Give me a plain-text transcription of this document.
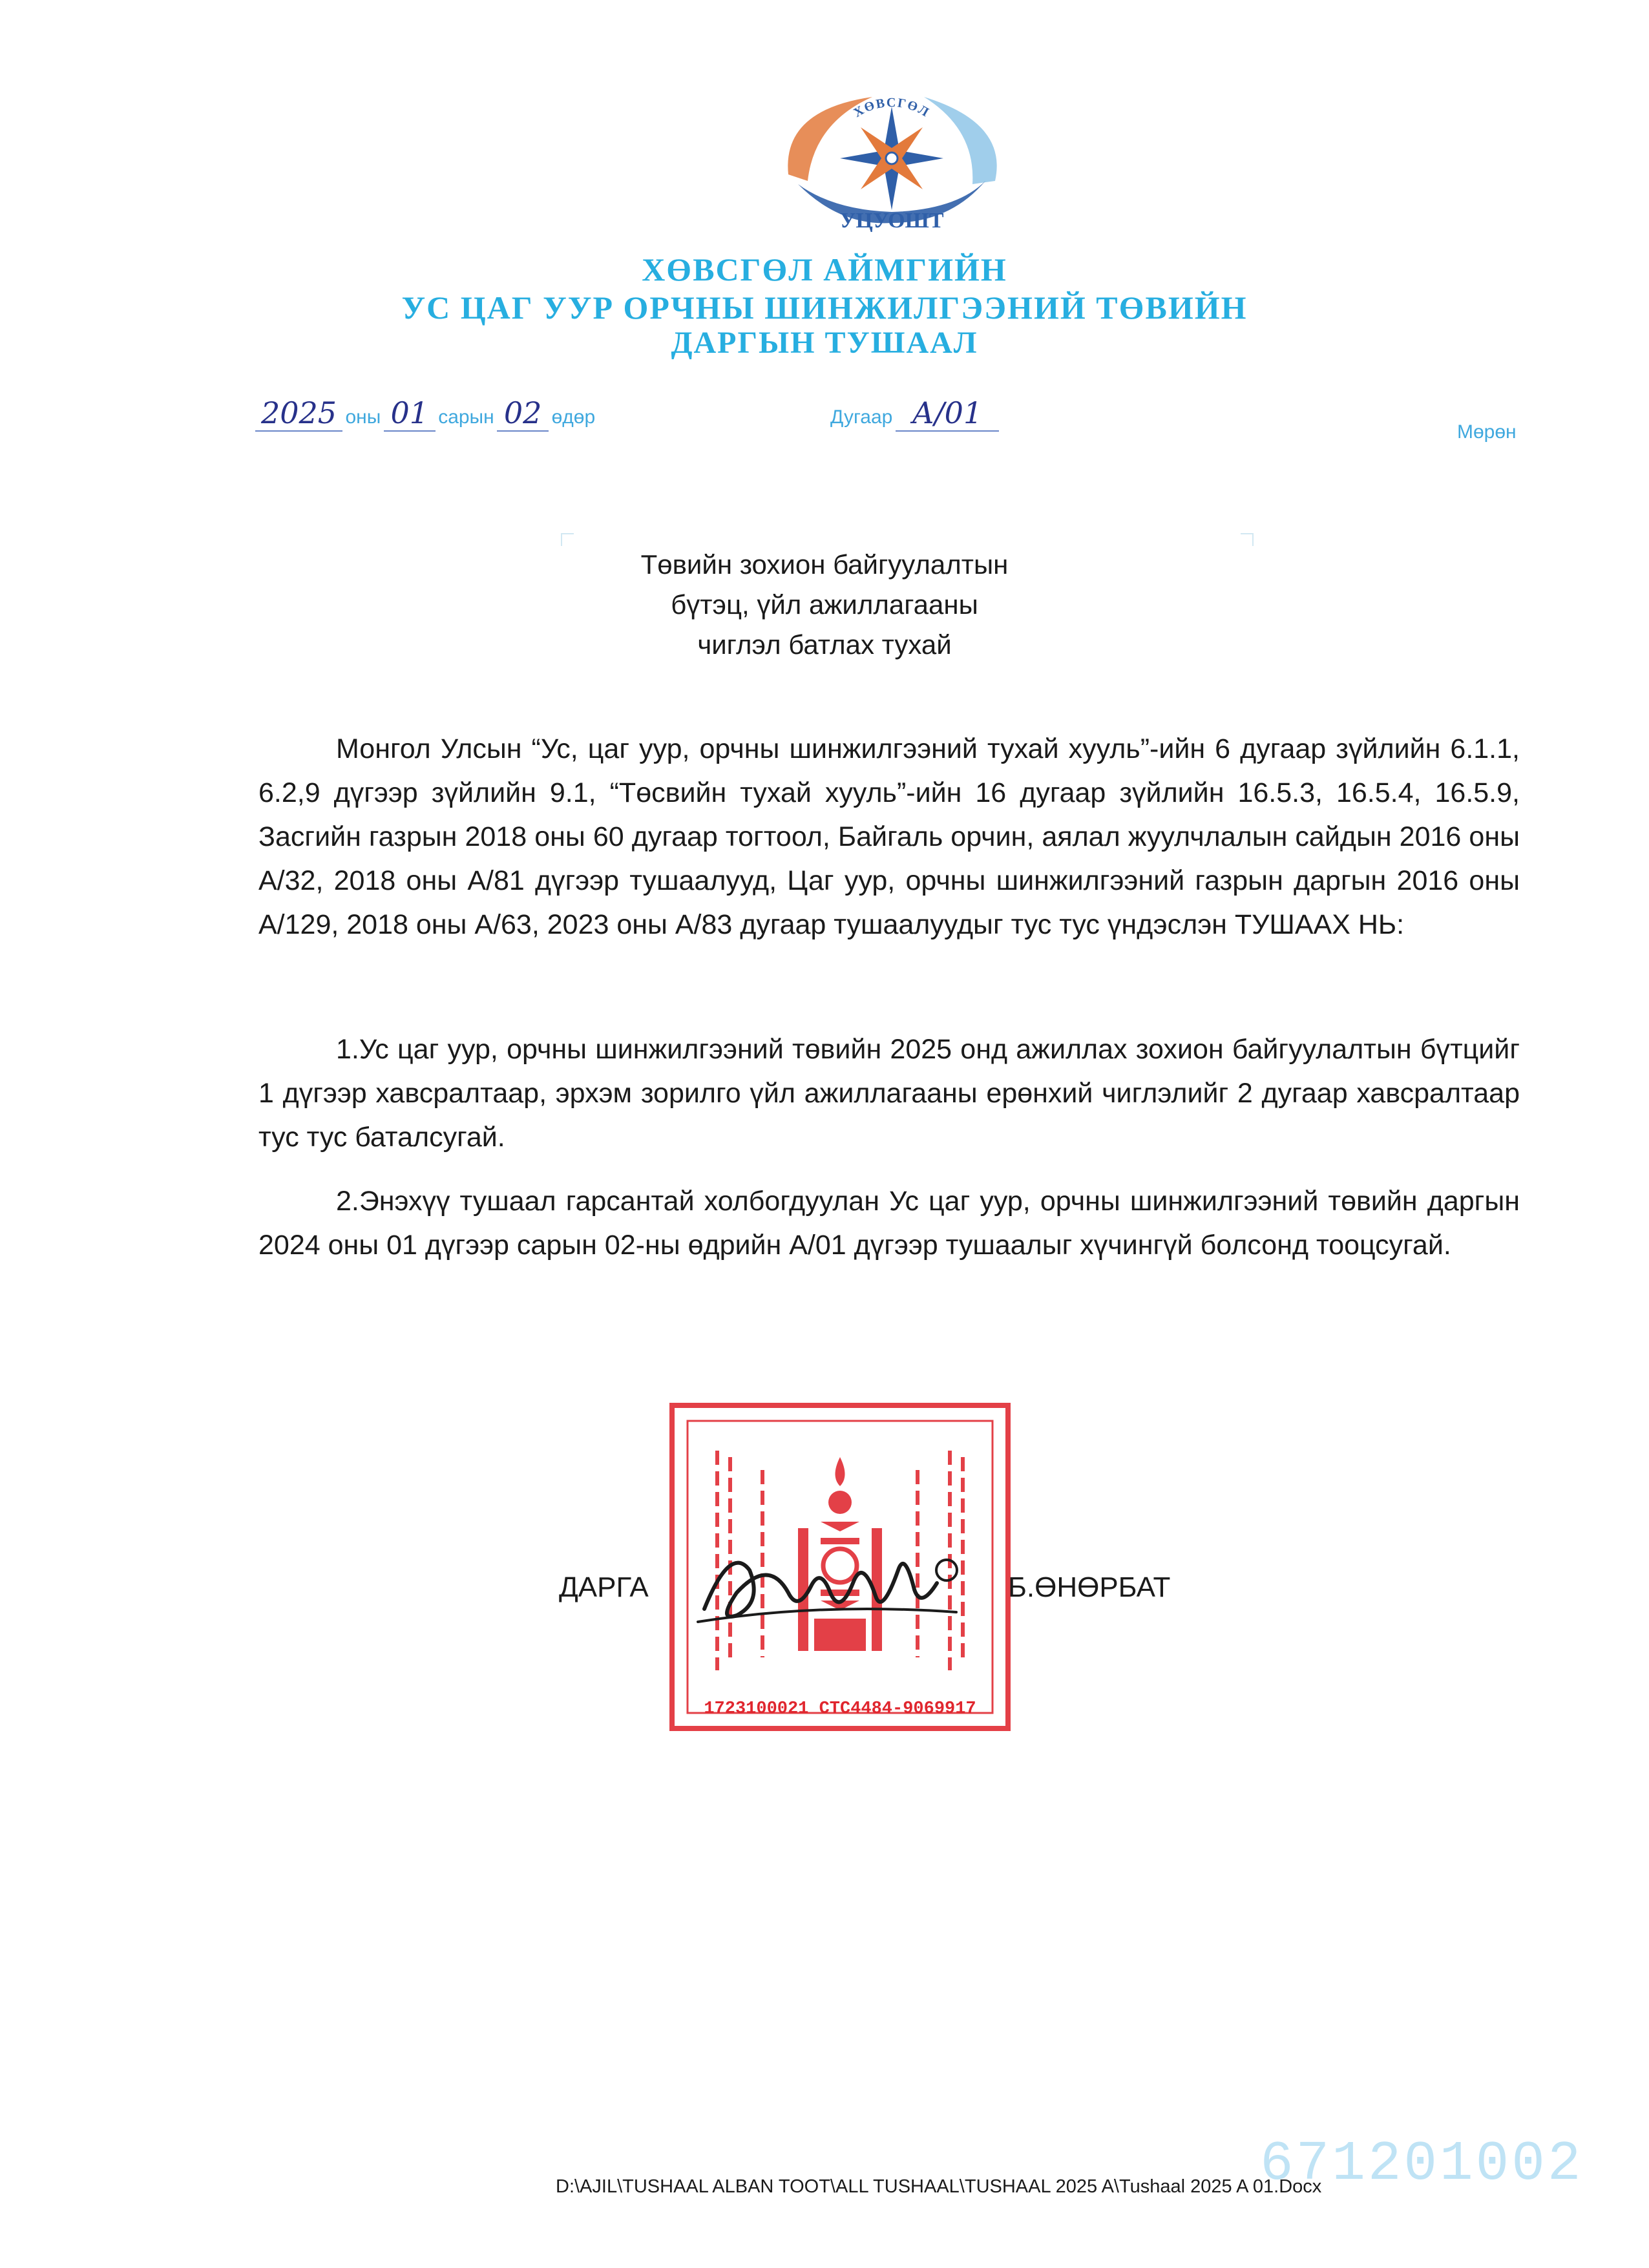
ХӨВСГӨЛ
УЦУОШТ
ХӨВСГӨЛ АЙМГИЙН
УС ЦАГ УУР ОРЧНЫ ШИНЖИЛГЭЭНИЙ ТӨВИЙН
ДАРГЫН ТУШААЛ
2025 оны 01 сарын 02 өдөр	Дугаар А/01
Мөрөн
Төвийн зохион байгуулалтын
бүтэц, үйл ажиллагааны
чиглэл батлах тухай
Монгол Улсын “Ус, цаг уур, орчны шинжилгээний тухай хууль”-ийн 6 дугаар зүйлийн 6.1.1, 6.2,9 дүгээр зүйлийн 9.1, “Төсвийн тухай хууль”-ийн 16 дугаар зүйлийн 16.5.3, 16.5.4, 16.5.9, Засгийн газрын 2018 оны 60 дугаар тогтоол, Байгаль орчин, аялал жуулчлалын сайдын 2016 оны А/32, 2018 оны А/81 дүгээр тушаалууд, Цаг уур, орчны шинжилгээний газрын даргын 2016 оны А/129, 2018 оны А/63, 2023 оны А/83 дугаар тушаалуудыг тус тус үндэслэн ТУШААХ НЬ:
1.Ус цаг уур, орчны шинжилгээний төвийн 2025 онд ажиллах зохион байгуулалтын бүтцийг 1 дүгээр хавсралтаар, эрхэм зорилго үйл ажиллагааны ерөнхий чиглэлийг 2 дугаар хавсралтаар тус тус баталсугай.
2.Энэхүү тушаал гарсантай холбогдуулан Ус цаг уур, орчны шинжилгээний төвийн даргын 2024 оны 01 дүгээр сарын 02-ны өдрийн А/01 дүгээр тушаалыг хүчингүй болсонд тооцсугай.
1723100021 СТС4484-9069917
ДАРГА	Б.ӨНӨРБАТ
671201002
D:\AJIL\TUSHAAL ALBAN TOOT\ALL TUSHAAL\TUSHAAL 2025 A\Tushaal 2025 A 01.Docx
